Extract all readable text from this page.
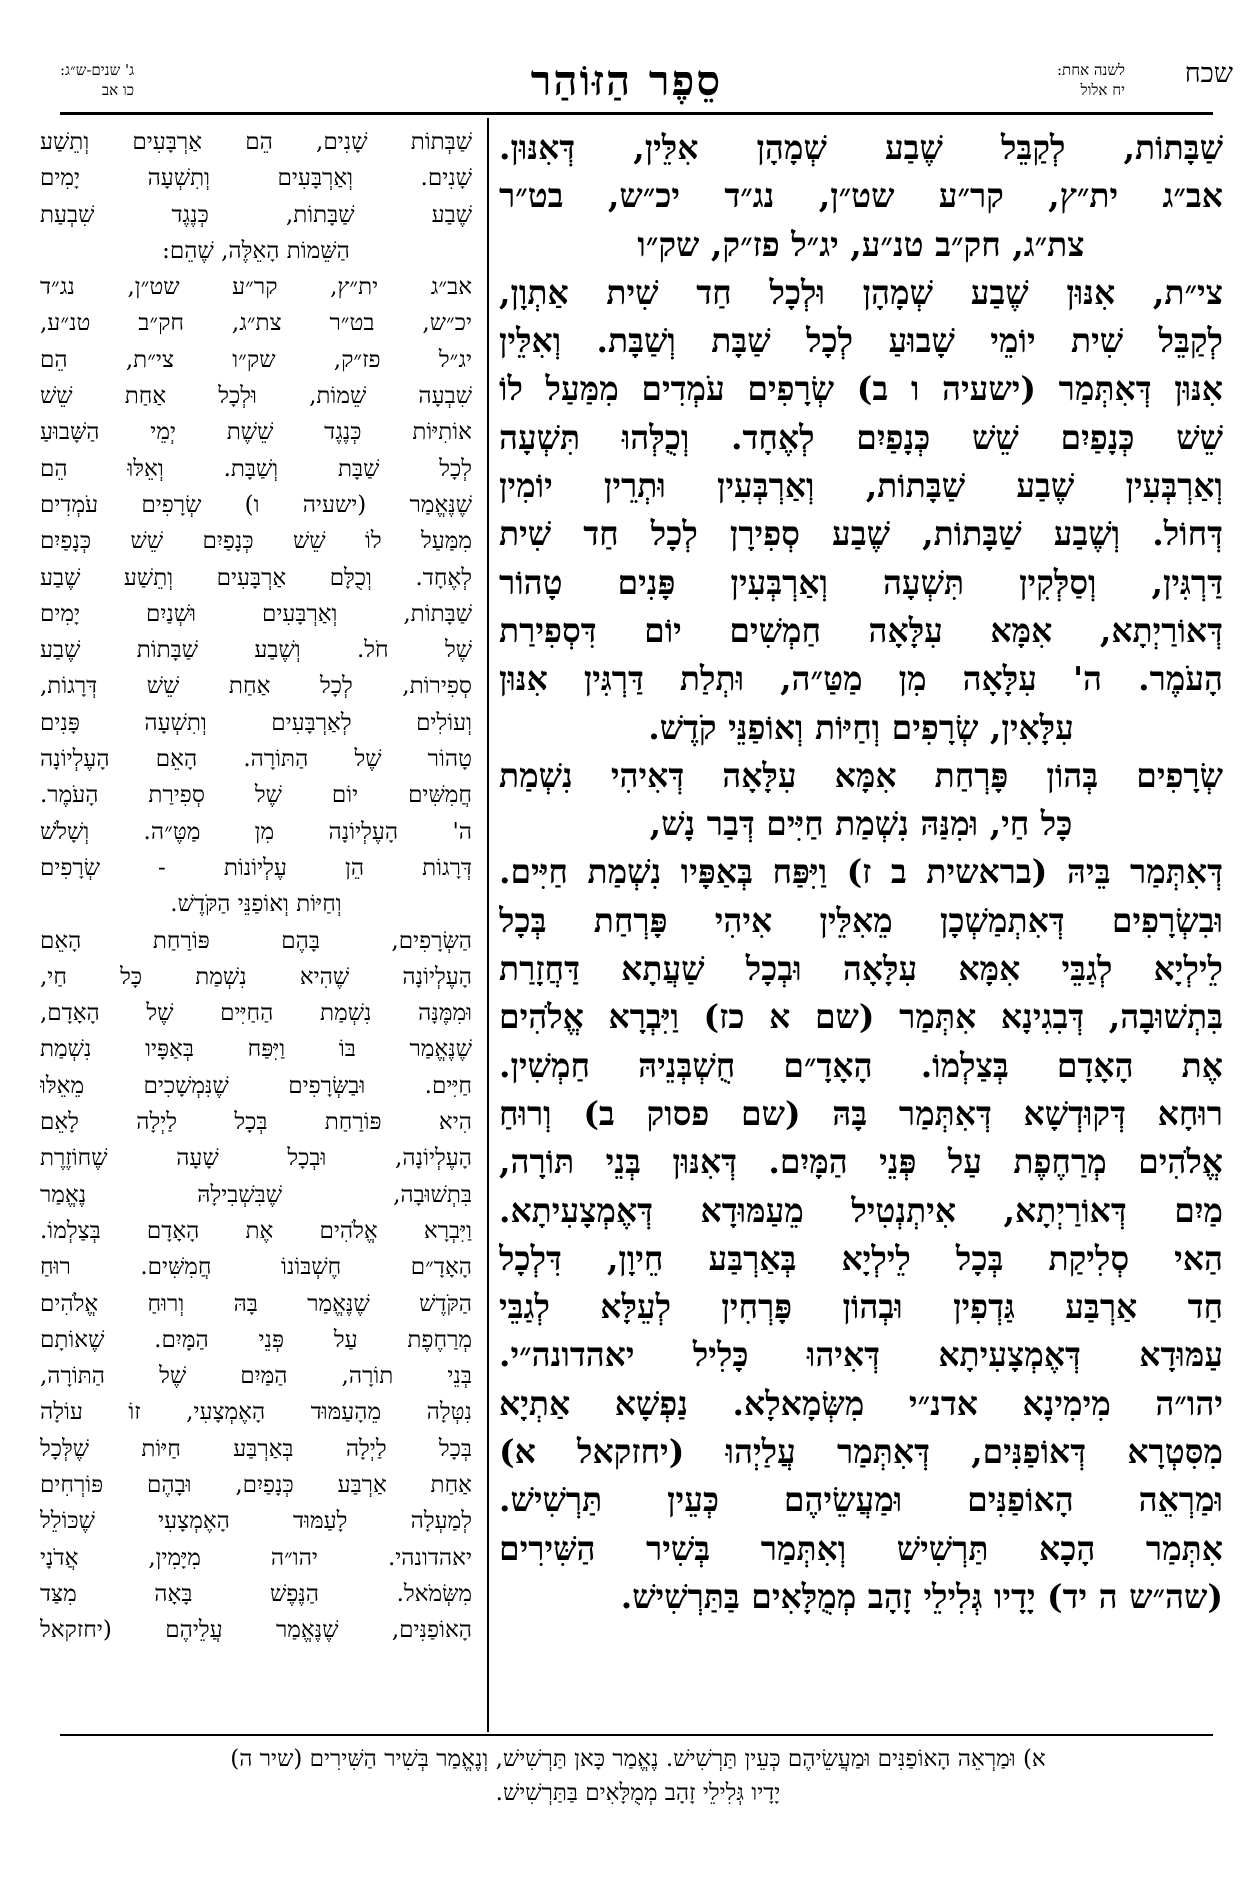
שכח
לשנה אחת:
יח אלול
סֵפֶר הַזּוֹהַר
ג' שנים-ש״ג:
כו אב
שַׁבָּתוֹת, לְקַבֵּל שֶׁבַע שְׁמָהָן אִלֵּין, דְּאִנּוּן.
אב״ג ית״ץ, קר״ע שט״ן, נג״ד יכ״ש, בט״ר
צת״ג, חק״ב טנ״ע, יג״ל פז״ק, שק״ו
צי״ת, אִנּוּן שֶׁבַע שְׁמָהָן וּלְכָל חַד שִׁית אַתְוָן,
לְקַבֵּל שִׁית יוֹמֵי שָׁבוּעַ לְכָל שַׁבָּת וְשַׁבָּת. וְאִלֵּין
אִנּוּן דְּאִתְּמַר (ישעיה ו ב) שְׂרָפִים עֹמְדִים מִמַּעַל לוֹ
שֵׁשׁ כְּנָפַיִם שֵׁשׁ כְּנָפַיִם לְאֶחָד. וְכֻלְּהוּ תִּשְׁעָה
וְאַרְבְּעִין שֶׁבַע שַׁבָּתוֹת, וְאַרְבְּעִין וּתְרֵין יוֹמִין
דְּחוֹל. וְשֶׁבַע שַׁבָּתוֹת, שֶׁבַע סְפִירָן לְכָל חַד שִׁית
דַּרְגִּין, וְסַלְּקִין תִּשְׁעָה וְאַרְבְּעִין פָּנִים טָהוֹר
דְּאוֹרַיְתָא, אִמָּא עִלָּאָה חַמְשִׁים יוֹם דִּסְפִירַת
הָעֹמֶר. ה' עִלָּאָה מִן מַטַּ״ה, וּתְלַת דַּרְגִּין אִנּוּן
עִלָּאִין, שְׂרָפִים וְחַיּוֹת וְאוֹפַנֵּי קֹדֶשׁ.
שְׂרָפִים בְּהוֹן פָּרְחַת אִמָּא עִלָּאָה דְּאִיהִי נִשְׁמַת
כָּל חַי, וּמִנַּהּ נִשְׁמַת חַיִּים דְּבַר נָשׁ,
דְּאִתְּמַר בֵּיהּ (בראשית ב ז) וַיִּפַּח בְּאַפָּיו נִשְׁמַת חַיִּים.
וּבִשְׂרָפִים דְּאִתְמַשְׁכָן מֵאִלֵּין אִיהִי פָּרְחַת בְּכָל
לֵילְיָא לְגַבֵּי אִמָּא עִלָּאָה וּבְכָל שַׁעֲתָא דַּחֲזָרַת
בִּתְשׁוּבָה, דְּבִגִינָא אִתְּמַר (שם א כז) וַיִּבְרָא אֱלֹהִים
אֶת הָאָדָם בְּצַלְמוֹ. הָאָדָ״ם חֻשְׁבְּנֵיהּ חַמְשִׁין.
רוּחָא דְּקוּדְשָׁא דְּאִתְּמַר בָּהּ (שם פסוק ב) וְרוּחַ
אֱלֹהִים מְרַחֶפֶת עַל פְּנֵי הַמָּיִם. דְּאִנּוּן בְּנֵי תּוֹרָה,
מַיִם דְּאוֹרַיְתָא, אִיתְנְטִיל מֵעַמּוּדָא דְּאֶמְצָעִיתָא.
הַאי סְלִיקַת בְּכָל לֵילְיָא בְּאַרְבַּע חֵיוָן, דִּלְכָל
חַד אַרְבַּע גַּדְפִין וּבְהוֹן פָּרְחִין לְעֵלָּא לְגַבֵּי
עַמּוּדָא דְּאֶמְצָעִיתָא דְּאִיהוּ כָּלִיל יאהדונה״י.
יהו״ה מִימִינָא אדנ״י מִשְּׂמָאלָא. נַפְשָׁא אַתְיָא
מִסִּטְרָא דְּאוֹפַנִּים, דְּאִתְּמַר עֲלַיְהוּ (יחזקאל א)
וּמַרְאֵה הָאוֹפַנִּים וּמַעֲשֵׂיהֶם כְּעֵין תַּרְשִׁישׁ.
אִתְּמַר הָכָא תַּרְשִׁישׁ וְאִתְּמַר בְּשִׁיר הַשִּׁירִים
(שה״ש ה יד) יָדָיו גְּלִילֵי זָהָב מְמֻלָּאִים בַּתַּרְשִׁישׁ.
שַׁבְּתוֹת שָׁנִים, הֵם אַרְבָּעִים וְתֵשַׁע
שָׁנִים. וְאַרְבָּעִים וְתִשְׁעָה יָמִים
שֶׁבַע שַׁבָּתוֹת, כְּנֶגֶד שִׁבְעַת
הַשֵּׁמוֹת הָאֵלֶּה, שֶׁהֵם:
אב״ג ית״ץ, קר״ע שט״ן, נג״ד
יכ״ש, בט״ר צת״ג, חק״ב טנ״ע,
יג״ל פז״ק, שק״ו צי״ת, הֵם
שִׁבְעָה שֵׁמוֹת, וּלְכָל אַחַת שֵׁשׁ
אוֹתִיּוֹת כְּנֶגֶד שֵׁשֶׁת יְמֵי הַשָּׁבוּעַ
לְכָל שַׁבָּת וְשַׁבָּת. וְאֵלּוּ הֵם
שֶׁנֶּאֱמַר (ישעיה ו) שְׂרָפִים עֹמְדִים
מִמַּעַל לוֹ שֵׁשׁ כְּנָפַיִם שֵׁשׁ כְּנָפַיִם
לְאֶחָד. וְכֻלָּם אַרְבָּעִים וְתֵשַׁע שֶׁבַע
שַׁבָּתוֹת, וְאַרְבָּעִים וּשְׁנַיִם יָמִים
שֶׁל חֹל. וְשֶׁבַע שַׁבָּתוֹת שֶׁבַע
סְפִירוֹת, לְכָל אַחַת שֵׁשׁ דְּרָגוֹת,
וְעוֹלִים לְאַרְבָּעִים וְתִשְׁעָה פָּנִים
טָהוֹר שֶׁל הַתּוֹרָה. הָאֵם הָעֶלְיוֹנָה
חֲמִשִּׁים יוֹם שֶׁל סְפִירַת הָעֹמֶר.
ה' הָעֶלְיוֹנָה מִן מַטֶּ״ה. וְשָׁלֹשׁ
דְּרָגוֹת הֵן עֶלְיוֹנוֹת - שְׂרָפִים
וְחַיּוֹת וְאוֹפַנֵּי הַקֹּדֶשׁ.
הַשְּׂרָפִים, בָּהֶם פּוֹרַחַת הָאֵם
הָעֶלְיוֹנָה שֶׁהִיא נִשְׁמַת כָּל חַי,
וּמִמֶּנָּה נִשְׁמַת הַחַיִּים שֶׁל הָאָדָם,
שֶׁנֶּאֱמַר בּוֹ וַיִּפַּח בְּאַפָּיו נִשְׁמַת
חַיִּים. וּבַשְּׂרָפִים שֶׁנִּמְשָׁכִים מֵאֵלּוּ
הִיא פּוֹרַחַת בְּכָל לַיְלָה לָאֵם
הָעֶלְיוֹנָה, וּבְכָל שָׁעָה שֶׁחוֹזֶרֶת
בִּתְשׁוּבָה, שֶׁבִּשְׁבִילָהּ נֶאֱמַר
וַיִּבְרָא אֱלֹהִים אֶת הָאָדָם בְּצַלְמוֹ.
הָאָדָ״ם חֶשְׁבּוֹנוֹ חֲמִשִּׁים. רוּחַ
הַקֹּדֶשׁ שֶׁנֶּאֱמַר בָּהּ וְרוּחַ אֱלֹהִים
מְרַחֶפֶת עַל פְּנֵי הַמָּיִם. שֶׁאוֹתָם
בְּנֵי תוֹרָה, הַמַּיִם שֶׁל הַתּוֹרָה,
נִטְּלָה מֵהָעַמּוּד הָאֶמְצָעִי, זוֹ עוֹלָה
בְּכָל לַיְלָה בְּאַרְבַּע חַיּוֹת שֶׁלְּכָל
אַחַת אַרְבַּע כְּנָפַיִם, וּבָהֶם פּוֹרְחִים
לְמַעְלָה לָעַמּוּד הָאֶמְצָעִי שֶׁכּוֹלֵל
יאהדונהי. יהו״ה מִיָּמִין, אֲדֹנָי
מִשְּׂמֹאל. הַנֶּפֶשׁ בָּאָה מִצַּד
הָאוֹפַנִּים, שֶׁנֶּאֱמַר עֲלֵיהֶם (יחזקאל
א) וּמַרְאֵה הָאוֹפַנִּים וּמַעֲשֵׂיהֶם כְּעֵין תַּרְשִׁישׁ. נֶאֱמַר כָּאן תַּרְשִׁישׁ, וְנֶאֱמַר בְּשִׁיר הַשִּׁירִים (שיר ה)
יָדָיו גְּלִילֵי זָהָב מְמֻלָּאִים בַּתַּרְשִׁישׁ.
